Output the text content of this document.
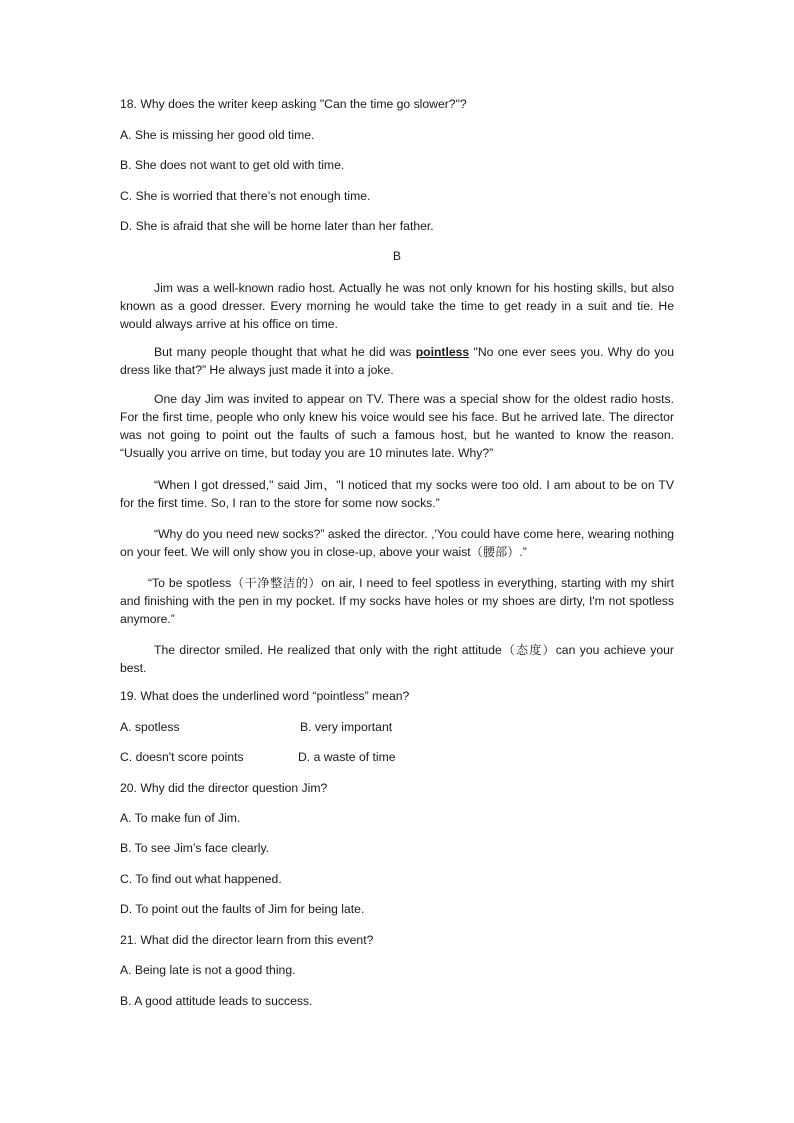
18. Why does the writer keep asking "Can the time go slower?"?
A. She is missing her good old time.
B. She does not want to get old with time.
C. She is worried that there’s not enough time.
D. She is afraid that she will be home later than her father.
B
Jim was a well-known radio host. Actually he was not only known for his hosting skills, but also known as a good dresser. Every morning he would take the time to get ready in a suit and tie. He would always arrive at his office on time.
But many people thought that what he did was pointless "No one ever sees you. Why do you dress like that?” He always just made it into a joke.
One day Jim was invited to appear on TV. There was a special show for the oldest radio hosts. For the first time, people who only knew his voice would see his face. But he arrived late. The director was not going to point out the faults of such a famous host, but he wanted to know the reason. “Usually you arrive on time, but today you are 10 minutes late. Why?”
“When I got dressed," said Jim，"I noticed that my socks were too old. I am about to be on TV for the first time. So, I ran to the store for some now socks.”
“Why do you need new socks?” asked the director. ,'You could have come here, wearing nothing on your feet. We will only show you in close-up, above your waist（腰部）.”
“To be spotless（干净整洁的）on air, I need to feel spotless in everything, starting with my shirt and finishing with the pen in my pocket. If my socks have holes or my shoes are dirty, I'm not spotless anymore.”
The director smiled. He realized that only with the right attitude（态度）can you achieve your best.
19. What does the underlined word “pointless” mean?
A. spotless	B. very important
C. doesn't score points	D. a waste of time
20. Why did the director question Jim?
A. To make fun of Jim.
B. To see Jim’s face clearly.
C. To find out what happened.
D. To point out the faults of Jim for being late.
21. What did the director learn from this event?
A. Being late is not a good thing.
B. A good attitude leads to success.
